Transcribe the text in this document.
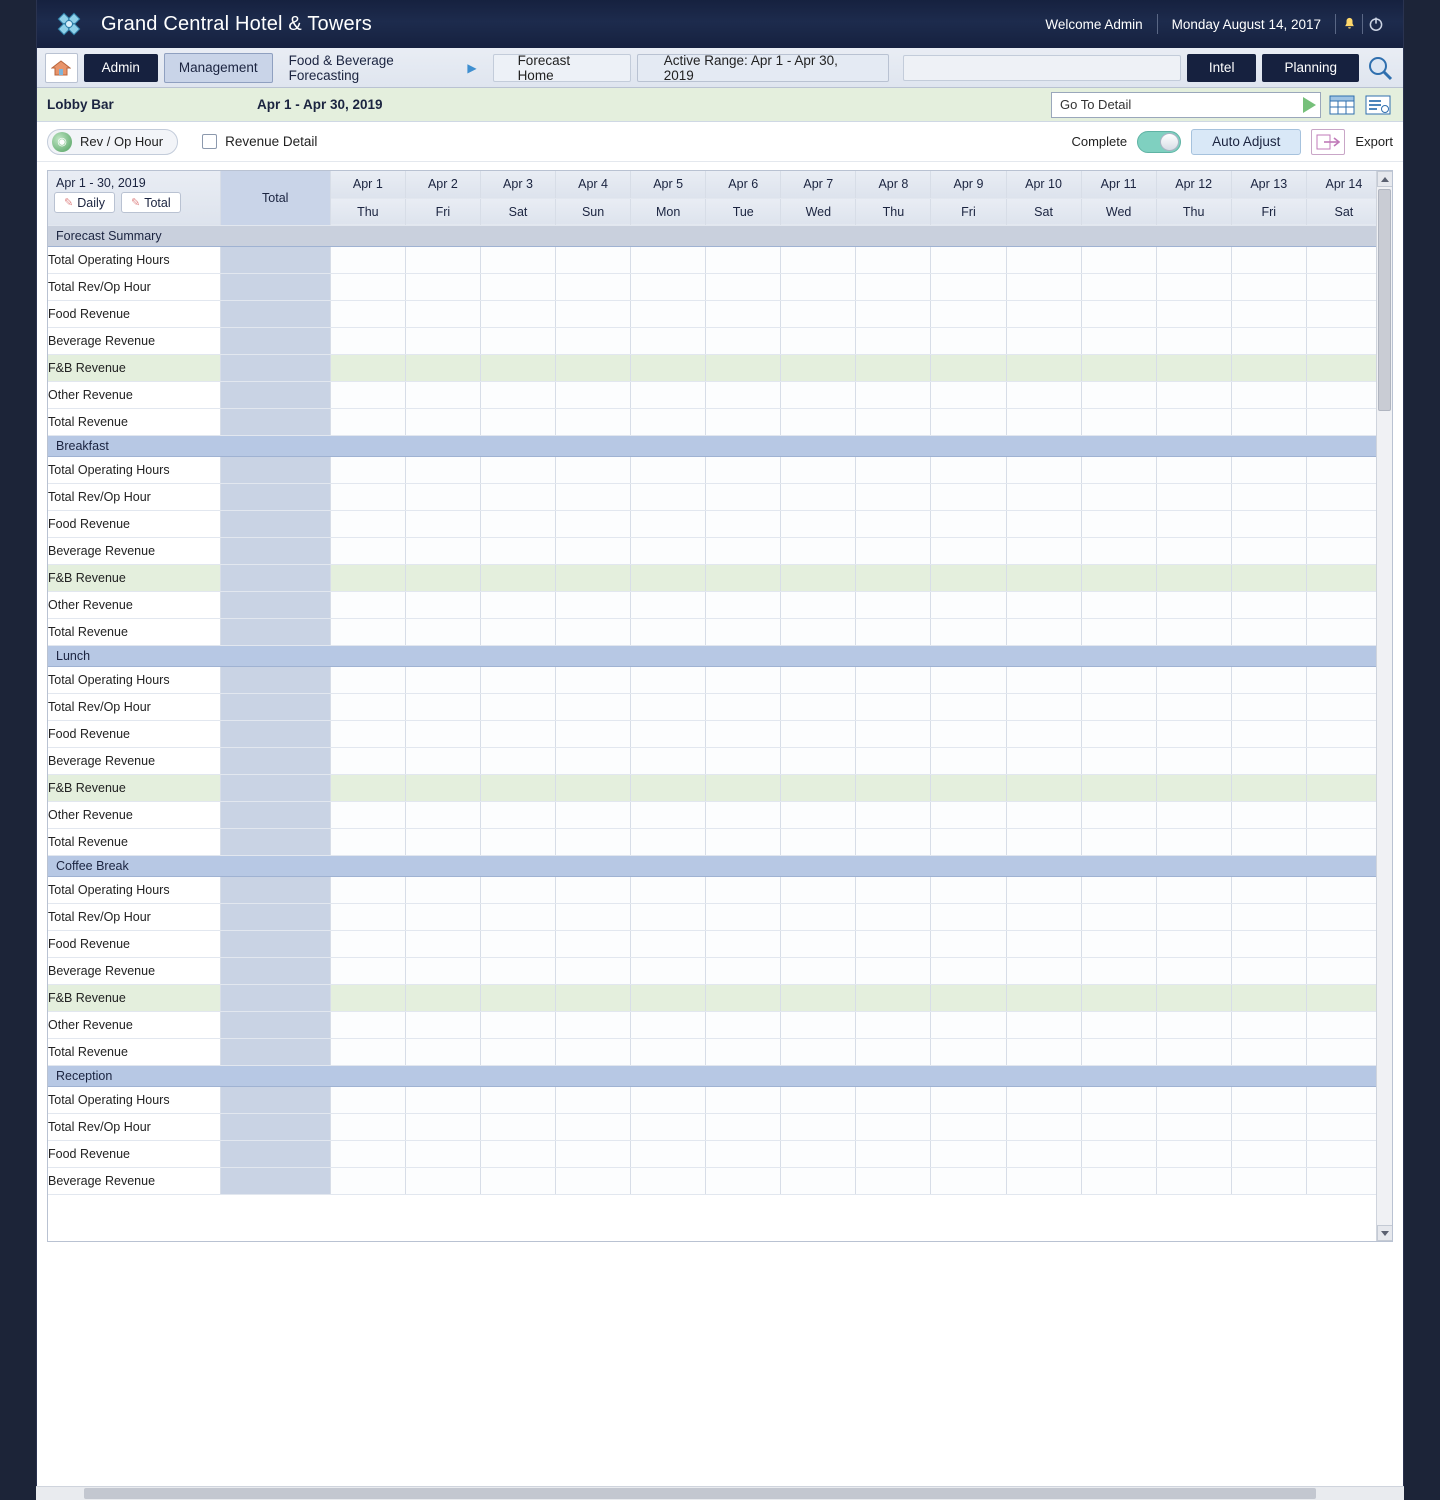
Grand Central Hotel & Towers	Welcome Admin	Monday August 14, 2017
Admin	Management	Food & Beverage Forecasting	▶	Forecast Home
Active Range: Apr 1 - Apr 30, 2019	Intel	Planning
Lobby Bar	Apr 1 - Apr 30, 2019	Go To Detail
◉	Rev / Op Hour	Revenue Detail	Complete	Auto Adjust	Export
Apr 1 - 30, 2019
✎ Daily ✎ Total	Total	Apr 1	Apr 2	Apr 3	Apr 4	Apr 5	Apr 6	Apr 7	Apr 8	Apr 9	Apr 10	Apr 11	Apr 12	Apr 13	Apr 14
		Thu	Fri	Sat	Sun	Mon	Tue	Wed	Thu	Fri	Sat	Wed	Thu	Fri	Sat
Forecast Summary															
Total Operating Hours															
Total Rev/Op Hour															
Food Revenue															
Beverage Revenue															
F&B Revenue															
Other Revenue															
Total Revenue															
Breakfast															
Total Operating Hours															
Total Rev/Op Hour															
Food Revenue															
Beverage Revenue															
F&B Revenue															
Other Revenue															
Total Revenue															
Lunch															
Total Operating Hours															
Total Rev/Op Hour															
Food Revenue															
Beverage Revenue															
F&B Revenue															
Other Revenue															
Total Revenue															
Coffee Break															
Total Operating Hours															
Total Rev/Op Hour															
Food Revenue															
Beverage Revenue															
F&B Revenue															
Other Revenue															
Total Revenue															
Reception															
Total Operating Hours															
Total Rev/Op Hour															
Food Revenue															
Beverage Revenue															
